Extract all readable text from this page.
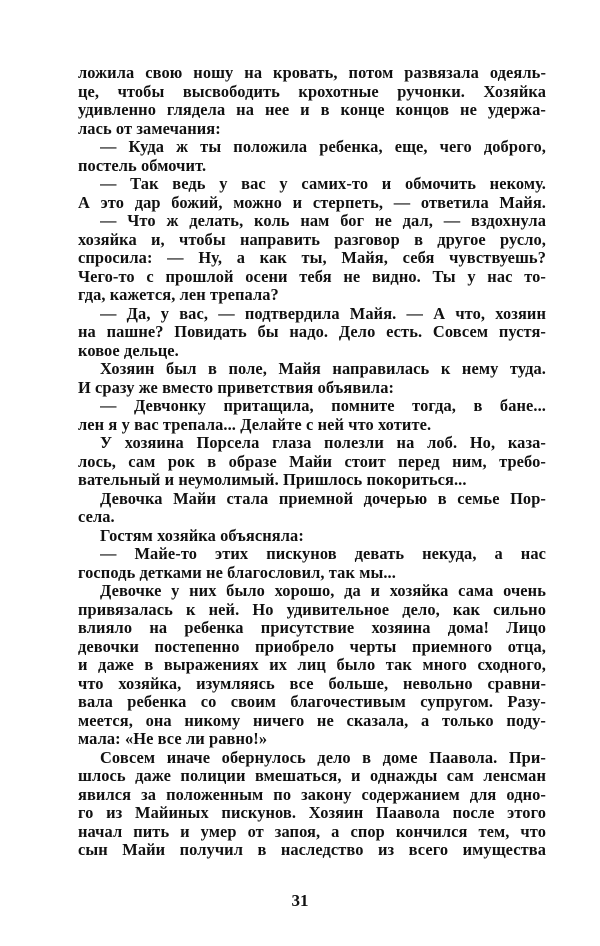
ложила свою ношу на кровать, потом развязала одеяль-
це, чтобы высвободить крохотные ручонки. Хозяйка
удивленно глядела на нее и в конце концов не удержа-
лась от замечания:
— Куда ж ты положила ребенка, еще, чего доброго,
постель обмочит.
— Так ведь у вас у самих-то и обмочить некому.
А это дар божий, можно и стерпеть, — ответила Майя.
— Что ж делать, коль нам бог не дал, — вздохнула
хозяйка и, чтобы направить разговор в другое русло,
спросила: — Ну, а как ты, Майя, себя чувствуешь?
Чего-то с прошлой осени тебя не видно. Ты у нас то-
гда, кажется, лен трепала?
— Да, у вас, — подтвердила Майя. — А что, хозяин
на пашне? Повидать бы надо. Дело есть. Совсем пустя-
ковое дельце.
Хозяин был в поле, Майя направилась к нему туда.
И сразу же вместо приветствия объявила:
— Девчонку притащила, помните тогда, в бане...
лен я у вас трепала... Делайте с ней что хотите.
У хозяина Порсела глаза полезли на лоб. Но, каза-
лось, сам рок в образе Майи стоит перед ним, требо-
вательный и неумолимый. Пришлось покориться...
Девочка Майи стала приемной дочерью в семье Пор-
села.
Гостям хозяйка объясняла:
— Майе-то этих пискунов девать некуда, а нас
господь детками не благословил, так мы...
Девочке у них было хорошо, да и хозяйка сама очень
привязалась к ней. Но удивительное дело, как сильно
влияло на ребенка присутствие хозяина дома! Лицо
девочки постепенно приобрело черты приемного отца,
и даже в выражениях их лиц было так много сходного,
что хозяйка, изумляясь все больше, невольно сравни-
вала ребенка со своим благочестивым супругом. Разу-
меется, она никому ничего не сказала, а только поду-
мала: «Не все ли равно!»
Совсем иначе обернулось дело в доме Паавола. При-
шлось даже полиции вмешаться, и однажды сам ленсман
явился за положенным по закону содержанием для одно-
го из Майиных пискунов. Хозяин Паавола после этого
начал пить и умер от запоя, а спор кончился тем, что
сын Майи получил в наследство из всего имущества
31
